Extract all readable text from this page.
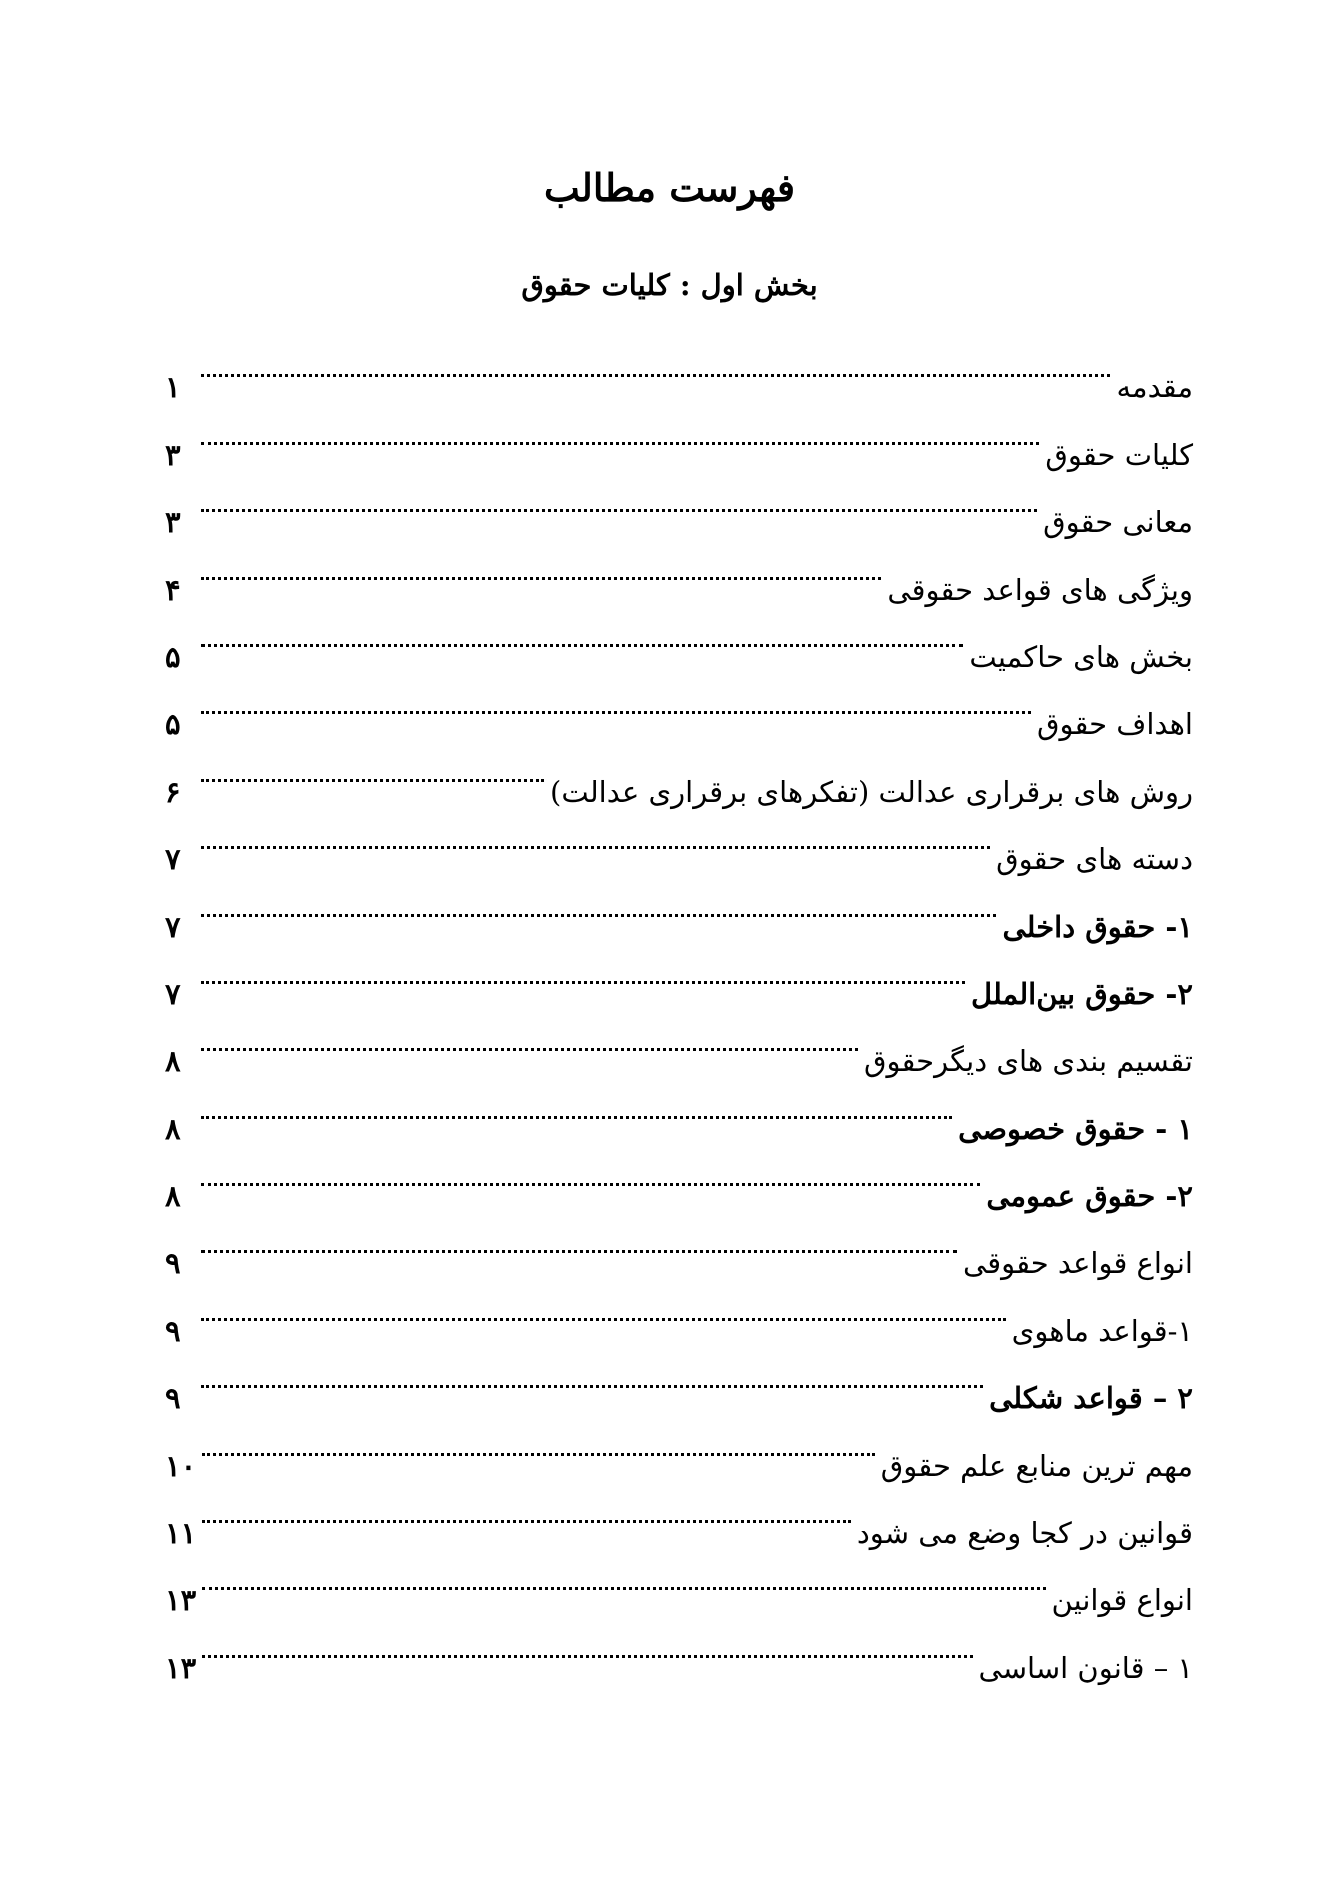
فهرست مطالب
بخش اول : کلیات حقوق
مقدمه
۱
کلیات حقوق
۳
معانی حقوق
۳
ویژگی های قواعد حقوقی
۴
بخش های حاکمیت
۵
اهداف حقوق
۵
روش های برقراری عدالت (تفکرهای برقراری عدالت)
۶
دسته های حقوق
۷
۱- حقوق داخلی
۷
۲- حقوق بین‌الملل
۷
تقسیم بندی های دیگرحقوق
۸
۱ - حقوق خصوصی
۸
۲- حقوق عمومی
۸
انواع قواعد حقوقی
۹
۱-قواعد ماهوی
۹
۲ – قواعد شکلی
۹
مهم ترین منابع علم حقوق
۱۰
قوانین در کجا وضع می شود
۱۱
انواع قوانین
۱۳
۱ – قانون اساسی
۱۳
